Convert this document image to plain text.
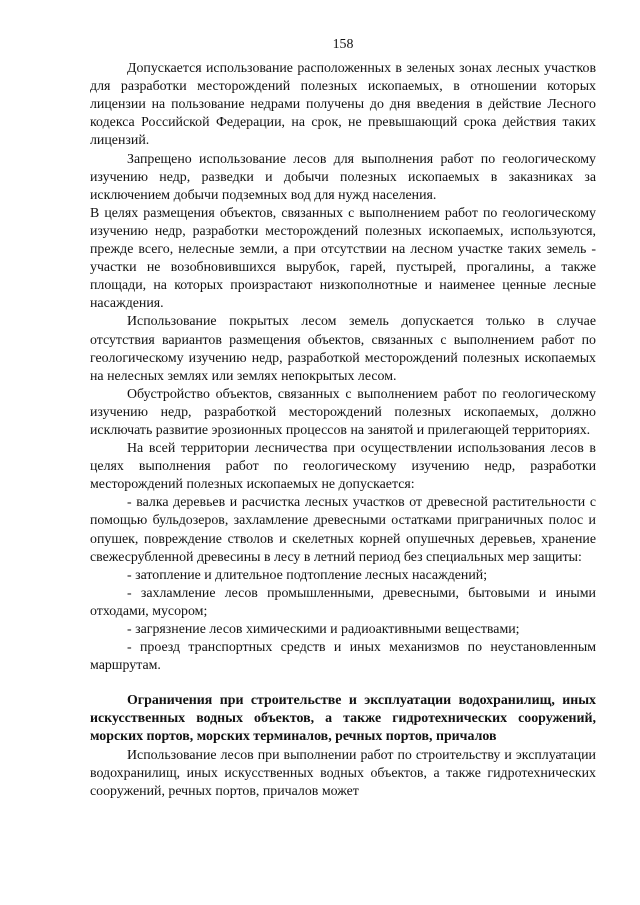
158

Допускается использование расположенных в зеленых зонах лесных участков для разработки месторождений полезных ископаемых, в отношении которых лицензии на пользование недрами получены до дня введения в действие Лесного кодекса Российской Федерации, на срок, не превышающий срока действия таких лицензий.

Запрещено использование лесов для выполнения работ по геологическому изучению недр, разведки и добычи полезных ископаемых в заказниках за исключением добычи подземных вод для нужд населения.

В целях размещения объектов, связанных с выполнением работ по геологическому изучению недр, разработки месторождений полезных ископаемых, используются, прежде всего, нелесные земли, а при отсутствии на лесном участке таких земель - участки не возобновившихся вырубок, гарей, пустырей, прогалины, а также площади, на которых произрастают низкополнотные и наименее ценные лесные насаждения.

Использование покрытых лесом земель допускается только в случае отсутствия вариантов размещения объектов, связанных с выполнением работ по геологическому изучению недр, разработкой месторождений полезных ископаемых на нелесных землях или землях непокрытых лесом.

Обустройство объектов, связанных с выполнением работ по геологическому изучению недр, разработкой месторождений полезных ископаемых, должно исключать развитие эрозионных процессов на занятой и прилегающей территориях.

На всей территории лесничества при осуществлении использования лесов в целях выполнения работ по геологическому изучению недр, разработки месторождений полезных ископаемых не допускается:

- валка деревьев и расчистка лесных участков от древесной растительности с помощью бульдозеров, захламление древесными остатками приграничных полос и опушек, повреждение стволов и скелетных корней опушечных деревьев, хранение свежесрубленной древесины в лесу в летний период без специальных мер защиты:

- затопление и длительное подтопление лесных насаждений;

- захламление лесов промышленными, древесными, бытовыми и иными отходами, мусором;

- загрязнение лесов химическими и радиоактивными веществами;

- проезд транспортных средств и иных механизмов по неустановленным маршрутам.

Ограничения при строительстве и эксплуатации водохранилищ, иных искусственных водных объектов, а также гидротехнических сооружений, морских портов, морских терминалов, речных портов, причалов

Использование лесов при выполнении работ по строительству и эксплуатации водохранилищ, иных искусственных водных объектов, а также гидротехнических сооружений, речных портов, причалов может
